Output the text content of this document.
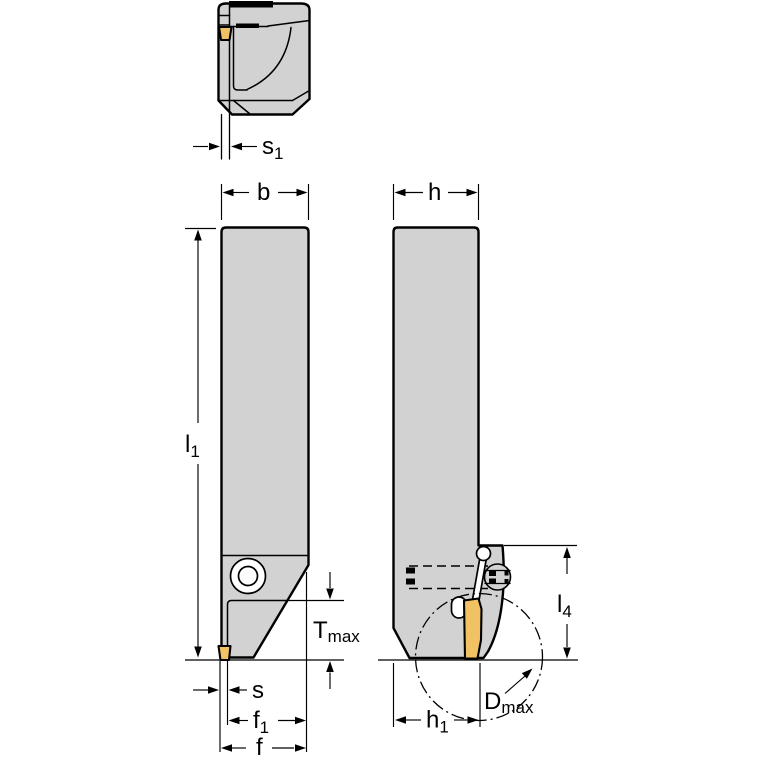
$s_1$
b
$l_1$
Tmax
s
$f_1$
f
h
$l_4$
$h_1$
Dmax
